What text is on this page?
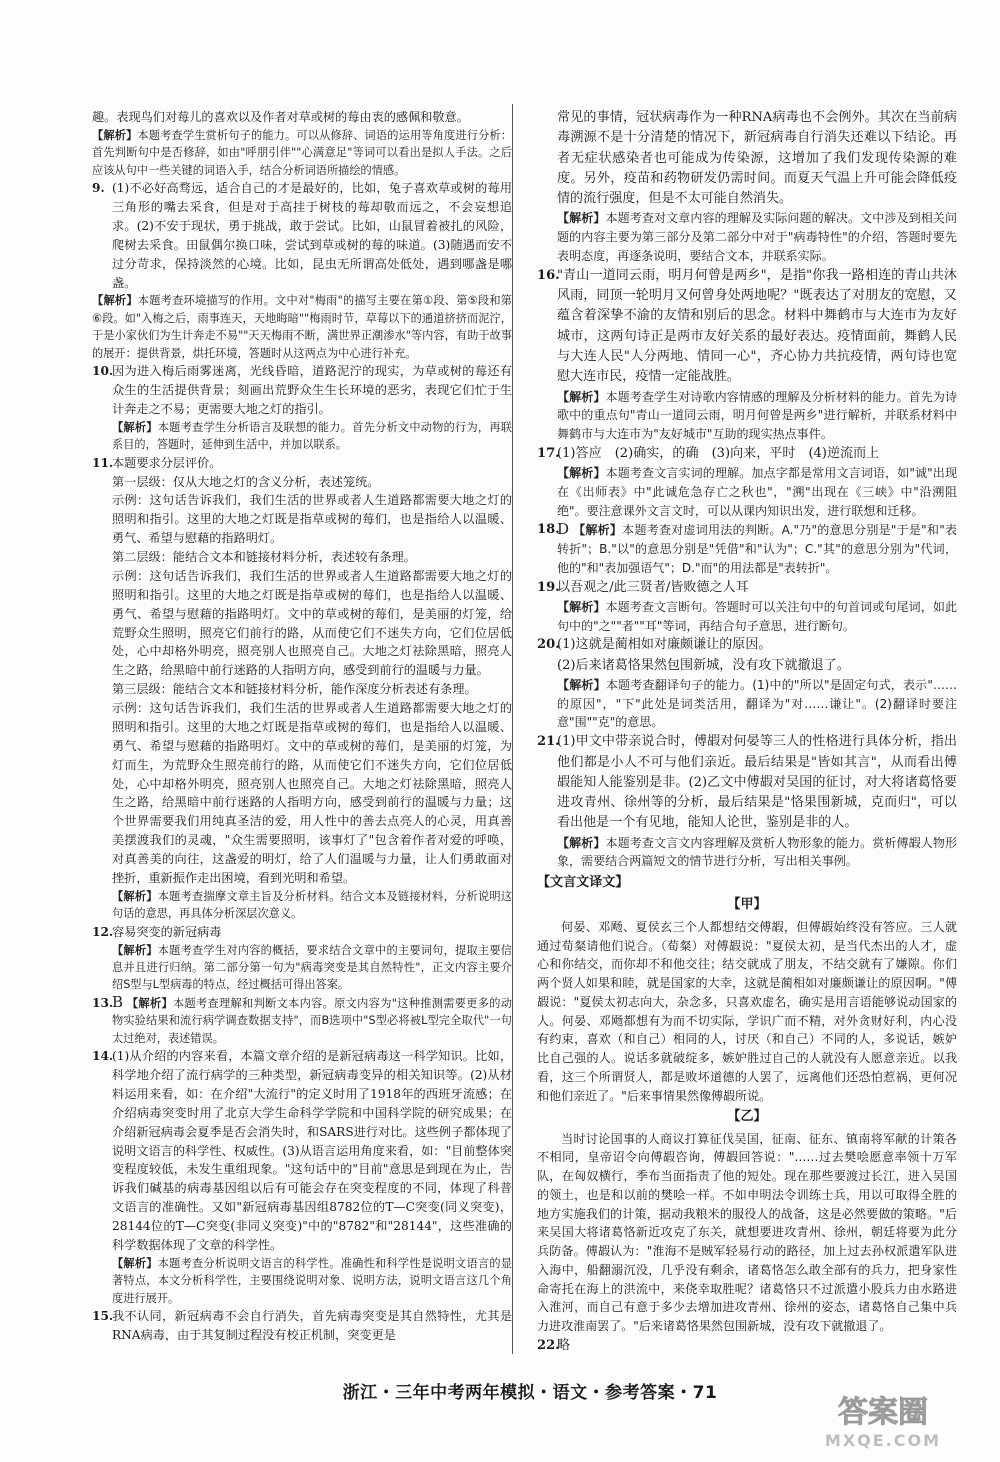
趣。表现鸟们对莓儿的喜欢以及作者对草或树的莓由衷的感佩和敬意。

【解析】本题考查学生赏析句子的能力。可以从修辞、词语的运用等角度进行分析：首先判断句中是否修辞，如由"呼朋引伴""心满意足"等词可以看出是拟人手法。之后应该从句中一些关键的词语入手，结合分析词语所描绘的情感。

9. (1)不必好高骛远，适合自己的才是最好的，比如，兔子喜欢草或树的莓用三角形的嘴去采食，但是对于高挂于树枝的莓却敬而远之，不会妄想追求。(2)不安于现状，勇于挑战，敢于尝试。比如，山鼠冒着被扎的风险，爬树去采食。田鼠偶尔换口味，尝试到草或树的莓的味道。(3)随遇而安不过分苛求，保持淡然的心境。比如，昆虫无所谓高处低处，遇到哪盏是哪盏。

【解析】本题考查环境描写的作用。文中对"梅雨"的描写主要在第①段、第⑤段和第⑥段。如"入梅之后，雨事连天，天地晦暗""梅雨时节，草莓以下的通道挤挤而泥泞，于是小家伙们为生计奔走不易""天天梅雨不断，满世界正潮渗水"等内容，有助于故事的展开：提供背景，烘托环境，答题时从这两点为中心进行补充。

10.

因为进入梅后雨雾迷离，光线昏暗，道路泥泞的现实，为草或树的莓还有众生的生活提供背景；刻画出荒野众生生长环境的恶劣，表现它们忙于生计奔走之不易；更需要大地之灯的指引。

【解析】本题考查学生分析语言及联想的能力。首先分析文中动物的行为，再联系目的，答题时，延伸到生活中，并加以联系。

11.

本题要求分层评价。

第一层级：仅从大地之灯的含义分析，表述笼统。

示例：这句话告诉我们，我们生活的世界或者人生道路都需要大地之灯的照明和指引。这里的大地之灯既是指草或树的莓们，也是指给人以温暖、勇气、希望与慰藉的指路明灯。

第二层级：能结合文本和链接材料分析，表述较有条理。

示例：这句话告诉我们，我们生活的世界或者人生道路都需要大地之灯的照明和指引。这里的大地之灯既是指草或树的莓们，也是指给人以温暖、勇气、希望与慰藉的指路明灯。文中的草或树的莓们，是美丽的灯笼，给荒野众生照明，照亮它们前行的路，从而使它们不迷失方向，它们位居低处，心中却格外明亮，照亮别人也照亮自己。大地之灯祛除黑暗，照亮人生之路，给黑暗中前行迷路的人指明方向，感受到前行的温暖与力量。

第三层级：能结合文本和链接材料分析，能作深度分析表述有条理。

示例：这句话告诉我们，我们生活的世界或者人生道路都需要大地之灯的照明和指引。这里的大地之灯既是指草或树的莓们，也是指给人以温暖、勇气、希望与慰藉的指路明灯。文中的草或树的莓们，是美丽的灯笼，为灯而生，为荒野众生照亮前行的路，从而使它们不迷失方向，它们位居低处，心中却格外明亮，照亮别人也照亮自己。大地之灯祛除黑暗，照亮人生之路，给黑暗中前行迷路的人指明方向，感受到前行的温暖与力量；这个世界需要我们用纯真圣洁的爱，用人性中的善去点亮人的心灵，用真善美摆渡我们的灵魂，"众生需要照明，该事灯了"包含着作者对爱的呼唤，对真善美的向往，这盏爱的明灯，给了人们温暖与力量，让人们勇敢面对挫折，重新振作走出困境，看到光明和希望。

【解析】本题考查揣摩文章主旨及分析材料。结合文本及链接材料，分析说明这句话的意思，再具体分析深层次意义。

12.

容易突变的新冠病毒

【解析】本题考查学生对内容的概括，要求结合文章中的主要词句，提取主要信息并且进行归纳。第二部分第一句为"病毒突变是其自然特性"，正文内容主要介绍S型与L型病毒的特点，经过概括可得出答案。

13.

B 【解析】本题考查理解和判断文本内容。原文内容为"这种推测需要更多的动物实验结果和流行病学调查数据支持"，而B选项中"S型必将被L型完全取代"一句太过绝对，表述错误。

14.

(1)从介绍的内容来看，本篇文章介绍的是新冠病毒这一科学知识。比如，科学地介绍了流行病学的三种类型，新冠病毒变异的相关知识等。(2)从材料运用来看，如：在介绍"大流行"的定义时用了1918年的西班牙流感；在介绍病毒突变时用了北京大学生命科学学院和中国科学院的研究成果；在介绍新冠病毒会夏季是否会消失时，和SARS进行对比。这些例子都体现了说明文语言的科学性、权威性。(3)从语言运用角度来看，如："目前整体突变程度较低，未发生重组现象。"这句话中的"目前"意思是到现在为止，告诉我们碱基的病毒基因组以后有可能会存在突变程度的不同，体现了科普文语言的准确性。又如"新冠病毒基因组8782位的T—C突变(同义突变)，28144位的T—C突变(非同义突变)"中的"8782"和"28144"，这些准确的科学数据体现了文章的科学性。

【解析】本题考查分析说明文语言的科学性。准确性和科学性是说明文语言的显著特点，本文分析科学性，主要围绕说明对象、说明方法，说明文语言这几个角度进行展开。

15.

我不认同，新冠病毒不会自行消失，首先病毒突变是其自然特性，尤其是RNA病毒，由于其复制过程没有校正机制，突变更是

常见的事情，冠状病毒作为一种RNA病毒也不会例外。其次在当前病毒溯源不是十分清楚的情况下，新冠病毒自行消失还难以下结论。再者无症状感染者也可能成为传染源，这增加了我们发现传染源的难度。另外，疫苗和药物研发仍需时间。而夏天气温上升可能会降低疫情的流行强度，但是不太可能自然消失。

【解析】本题考查对文章内容的理解及实际问题的解决。文中涉及到相关问题的内容主要为第三部分及第二部分中对于"病毒特性"的介绍，答题时要先表明态度，再逐条说明，要结合文本，并联系实际。

16.

"青山一道同云雨，明月何曾是两乡"，是指"你我一路相连的青山共沐风雨，同顶一轮明月又何曾身处两地呢？"既表达了对朋友的宽慰，又蕴含着深挚不渝的友情和别后的思念。材料中舞鹤市与大连市为友好城市，这两句诗正是两市友好关系的最好表达。疫情面前，舞鹤人民与大连人民"人分两地、情同一心"，齐心协力共抗疫情，两句诗也宽慰大连市民，疫情一定能战胜。

【解析】本题考查学生对诗歌内容情感的理解及分析材料的能力。首先为诗歌中的重点句"青山一道同云雨，明月何曾是两乡"进行解析，并联系材料中舞鹤市与大连市为"友好城市"互助的现实热点事件。

17.

(1)答应　(2)确实，的确　(3)向来，平时　(4)逆流而上

【解析】本题考查文言实词的理解。加点字都是常用文言词语，如"诚"出现在《出师表》中"此诚危急存亡之秋也"，"溯"出现在《三峡》中"沿溯阻绝"。要注意课外文言文时，可以从课内知识出发，进行联想和迁移。

18.

D 【解析】本题考查对虚词用法的判断。A."乃"的意思分别是"于是"和"表转折"；B."以"的意思分别是"凭借"和"认为"；C."其"的意思分别为"代词，他的"和"表加强语气"；D."而"的用法都是"表转折"。

19.

以吾观之/此三贤者/皆败德之人耳

【解析】本题考查文言断句。答题时可以关注句中的句首词或句尾词，如此句中的"之""者""耳"等词，再结合句子意思，进行断句。

20.

(1)这就是蔺相如对廉颇谦让的原因。

(2)后来诸葛恪果然包围新城，没有攻下就撤退了。

【解析】本题考查翻译句子的能力。(1)中的"所以"是固定句式，表示"……的原因"，"下"此处是词类活用，翻译为"对……谦让"。(2)翻译时要注意"围""克"的意思。

21.

(1)甲文中带亲说合时，傅嘏对何晏等三人的性格进行具体分析，指出他们都是小人不可与他们亲近。最后结果是"皆如其言"，从而看出傅嘏能知人能鉴别是非。(2)乙文中傅嘏对吴国的征讨，对大将诸葛恪要进攻青州、徐州等的分析，最后结果是"恪果围新城，克而归"，可以看出他是一个有见地，能知人论世，鉴别是非的人。

【解析】本题考查文言文内容理解及赏析人物形象的能力。赏析傅嘏人物形象，需要结合两篇短文的情节进行分析，写出相关事例。

【文言文译文】

【甲】

何晏、邓飏、夏侯玄三个人都想结交傅嘏，但傅嘏始终没有答应。三人就通过荀粲请他们说合。（荀粲）对傅嘏说："夏侯太初，是当代杰出的人才，虚心和你结交，而你却不和他交往；结交就成了朋友，不结交就有了嫌隙。你们两个贤人如果和睦，就是国家的大幸，这就是蔺相如对廉颇谦让的原因啊。"傅嘏说："夏侯太初志向大，杂念多，只喜欢虚名，确实是用言语能够说动国家的人。何晏、邓飏都想有为而不切实际，学识广而不精，对外贪财好利，内心没有约束，喜欢（和自己）相同的人，讨厌（和自己）不同的人，多说话，嫉妒比自己强的人。说话多就破绽多，嫉妒胜过自己的人就没有人愿意亲近。以我看，这三个所谓贤人，都是败坏道德的人罢了，远离他们还恐怕惹祸，更何况和他们亲近了。"后来事情果然像傅嘏所说。

【乙】

当时讨论国事的人商议打算征伐吴国，征南、征东、镇南将军献的计策各不相同，皇帝诏令向傅嘏咨询，傅嘏回答说："……过去樊哙愿意率领十万军队，在匈奴横行，季布当面指责了他的短处。现在那些要渡过长江，进入吴国的领土，也是和以前的樊哙一样。不如申明法令训练士兵，用以可取得全胜的地方实施我们的计策，据动我粮米的服役人的战备，这是必然要做的策略。"后来吴国大将诸葛恪新近攻克了东关，就想要进攻青州、徐州，朝廷将要为此分兵防备。傅嘏认为："淮海不是贼军轻易行动的路径，加上过去孙权派遣军队进入海中，船翻溺沉没，几乎没有剩余，诸葛恪怎么敢全部有的兵力，把身家性命寄托在海上的洪流中，来侥幸取胜呢？诸葛恪只不过派遣小股兵力由水路进入淮河，而自己有意于多少去增加进攻青州、徐州的姿态，诸葛恪自己集中兵力进攻淮南罢了。"后来诸葛恪果然包围新城，没有攻下就撤退了。

22.

略

浙江・三年中考两年模拟・语文・参考答案・71
答案圈
MXQE.COM
